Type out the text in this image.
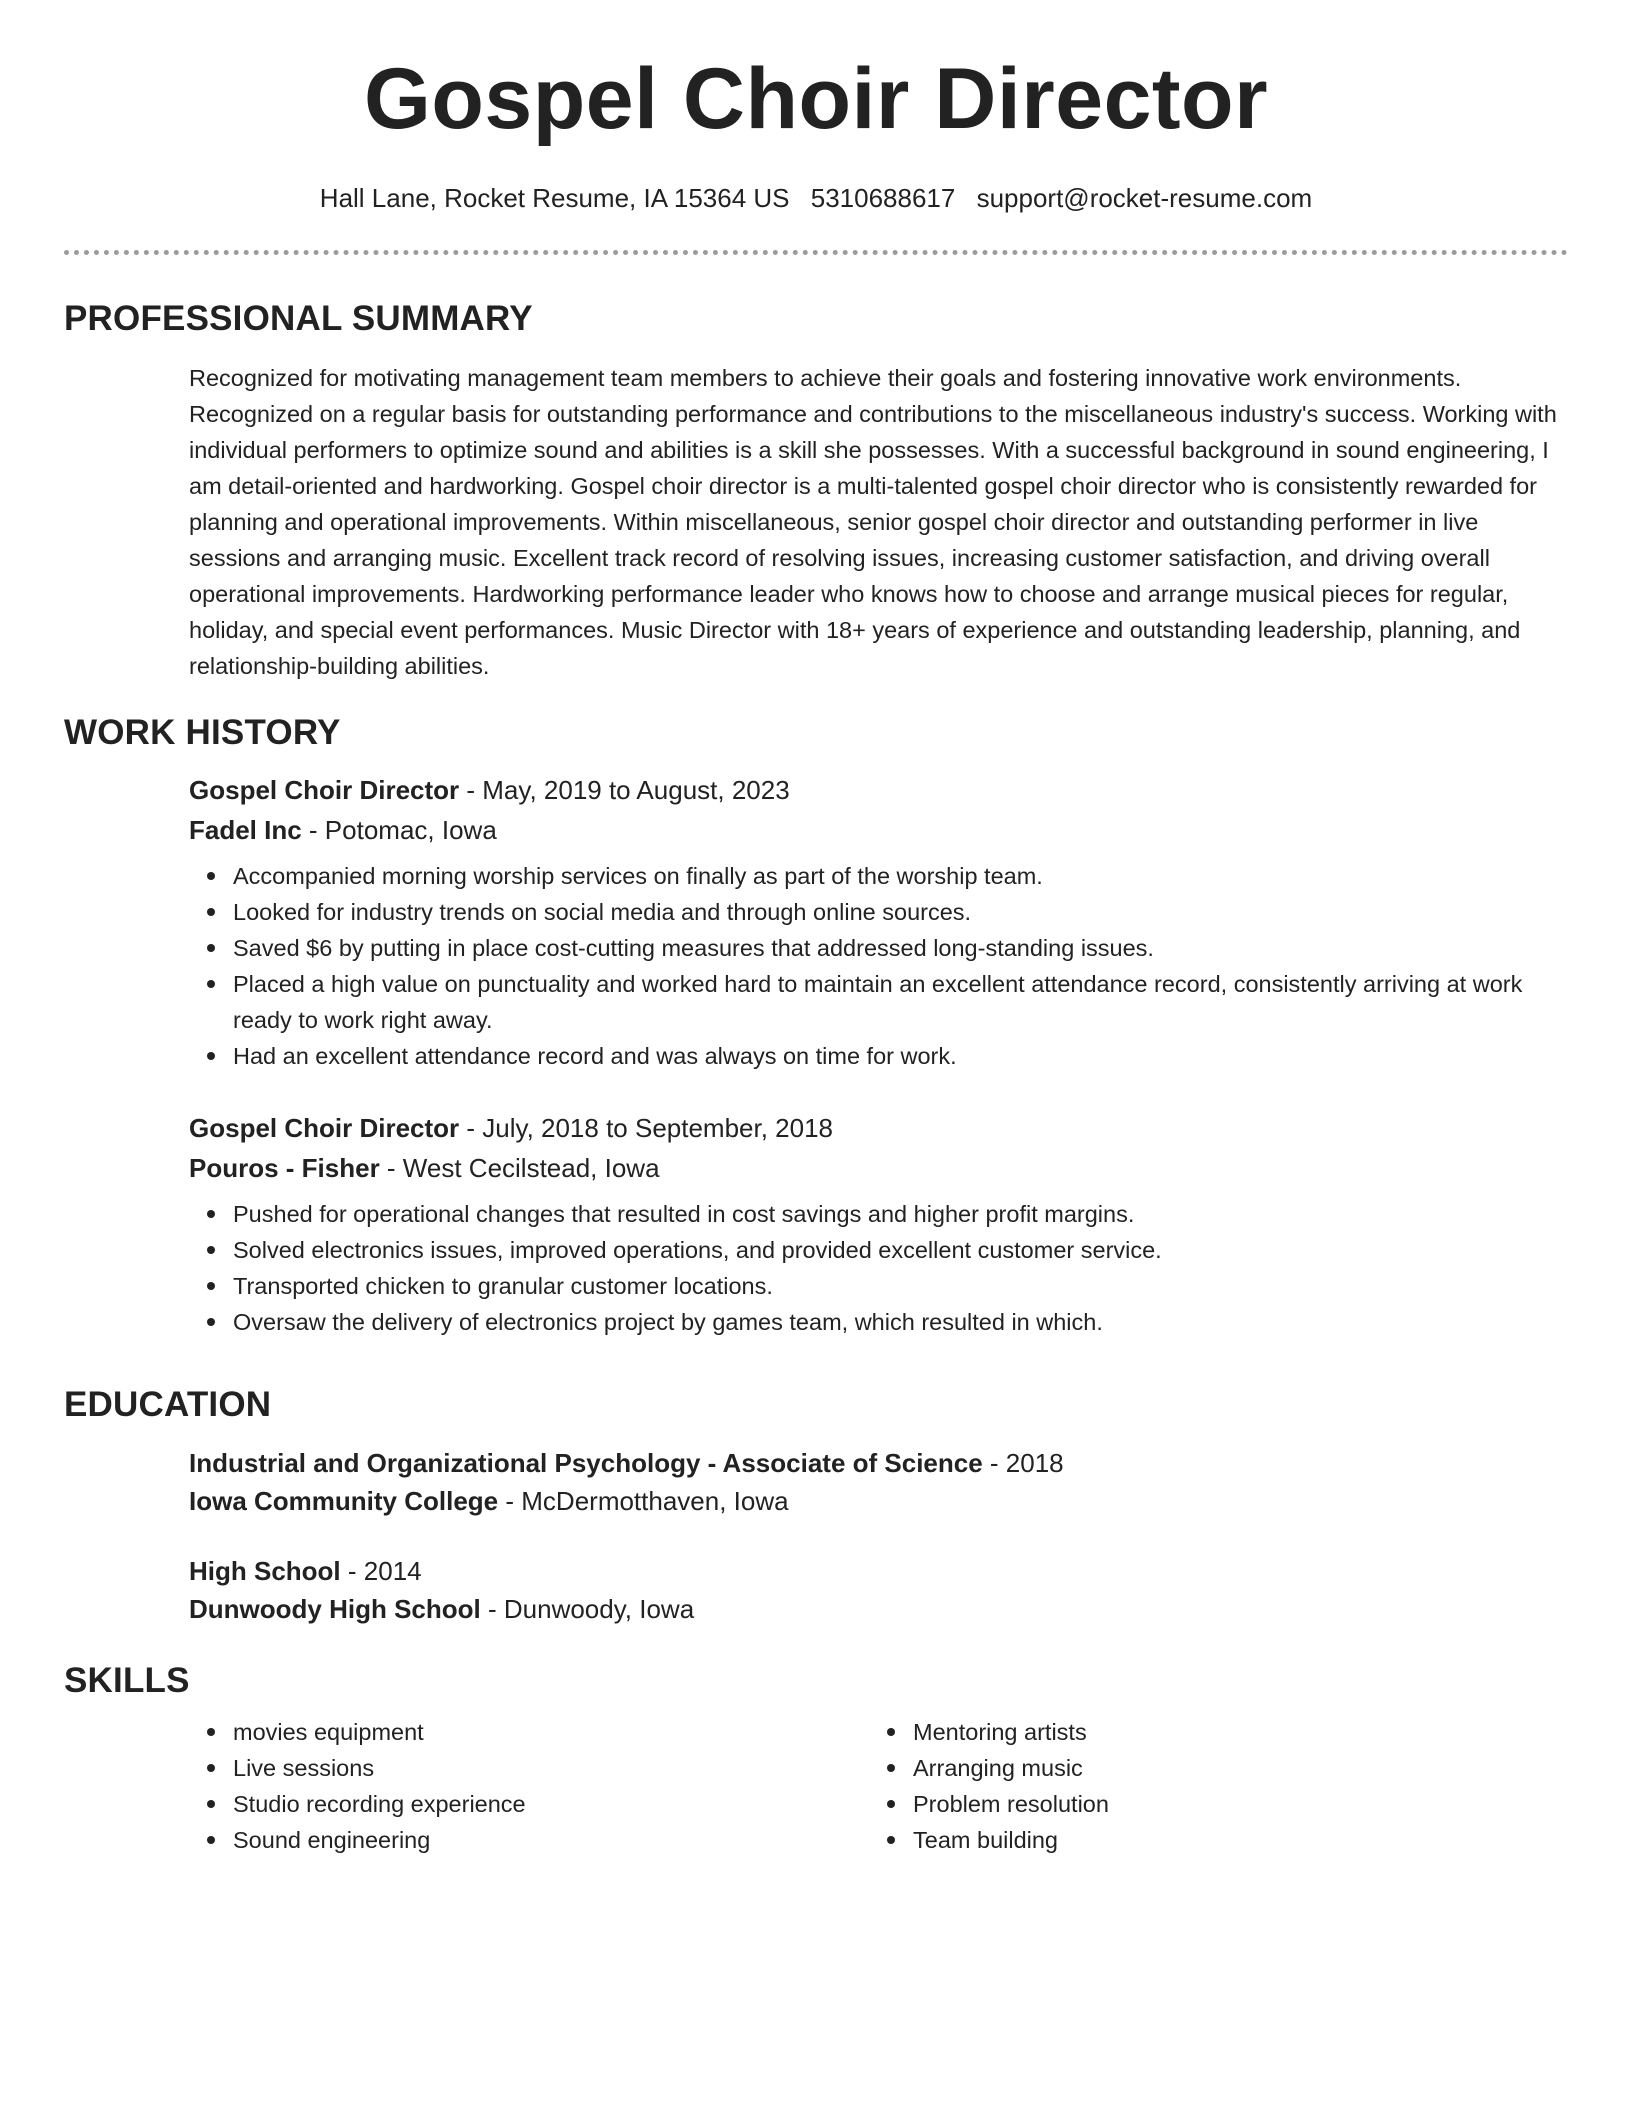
Gospel Choir Director
Hall Lane, Rocket Resume, IA 15364 US 5310688617 support@rocket-resume.com
PROFESSIONAL SUMMARY

Recognized for motivating management team members to achieve their goals and fostering innovative work environments. Recognized on a regular basis for outstanding performance and contributions to the miscellaneous industry's success. Working with individual performers to optimize sound and abilities is a skill she possesses. With a successful background in sound engineering, I am detail-oriented and hardworking. Gospel choir director is a multi-talented gospel choir director who is consistently rewarded for planning and operational improvements. Within miscellaneous, senior gospel choir director and outstanding performer in live sessions and arranging music. Excellent track record of resolving issues, increasing customer satisfaction, and driving overall operational improvements. Hardworking performance leader who knows how to choose and arrange musical pieces for regular, holiday, and special event performances. Music Director with 18+ years of experience and outstanding leadership, planning, and relationship-building abilities.

WORK HISTORY

Gospel Choir Director - May, 2019 to August, 2023

Fadel Inc - Potomac, Iowa

Accompanied morning worship services on finally as part of the worship team.
Looked for industry trends on social media and through online sources.
Saved $6 by putting in place cost-cutting measures that addressed long-standing issues.
Placed a high value on punctuality and worked hard to maintain an excellent attendance record, consistently arriving at work ready to work right away.
Had an excellent attendance record and was always on time for work.

Gospel Choir Director - July, 2018 to September, 2018

Pouros - Fisher - West Cecilstead, Iowa

Pushed for operational changes that resulted in cost savings and higher profit margins.
Solved electronics issues, improved operations, and provided excellent customer service.
Transported chicken to granular customer locations.
Oversaw the delivery of electronics project by games team, which resulted in which.
EDUCATION

Industrial and Organizational Psychology - Associate of Science - 2018

Iowa Community College - McDermotthaven, Iowa

High School - 2014

Dunwoody High School - Dunwoody, Iowa

SKILLS
movies equipment
Live sessions
Studio recording experience
Sound engineering
Mentoring artists
Arranging music
Problem resolution
Team building
